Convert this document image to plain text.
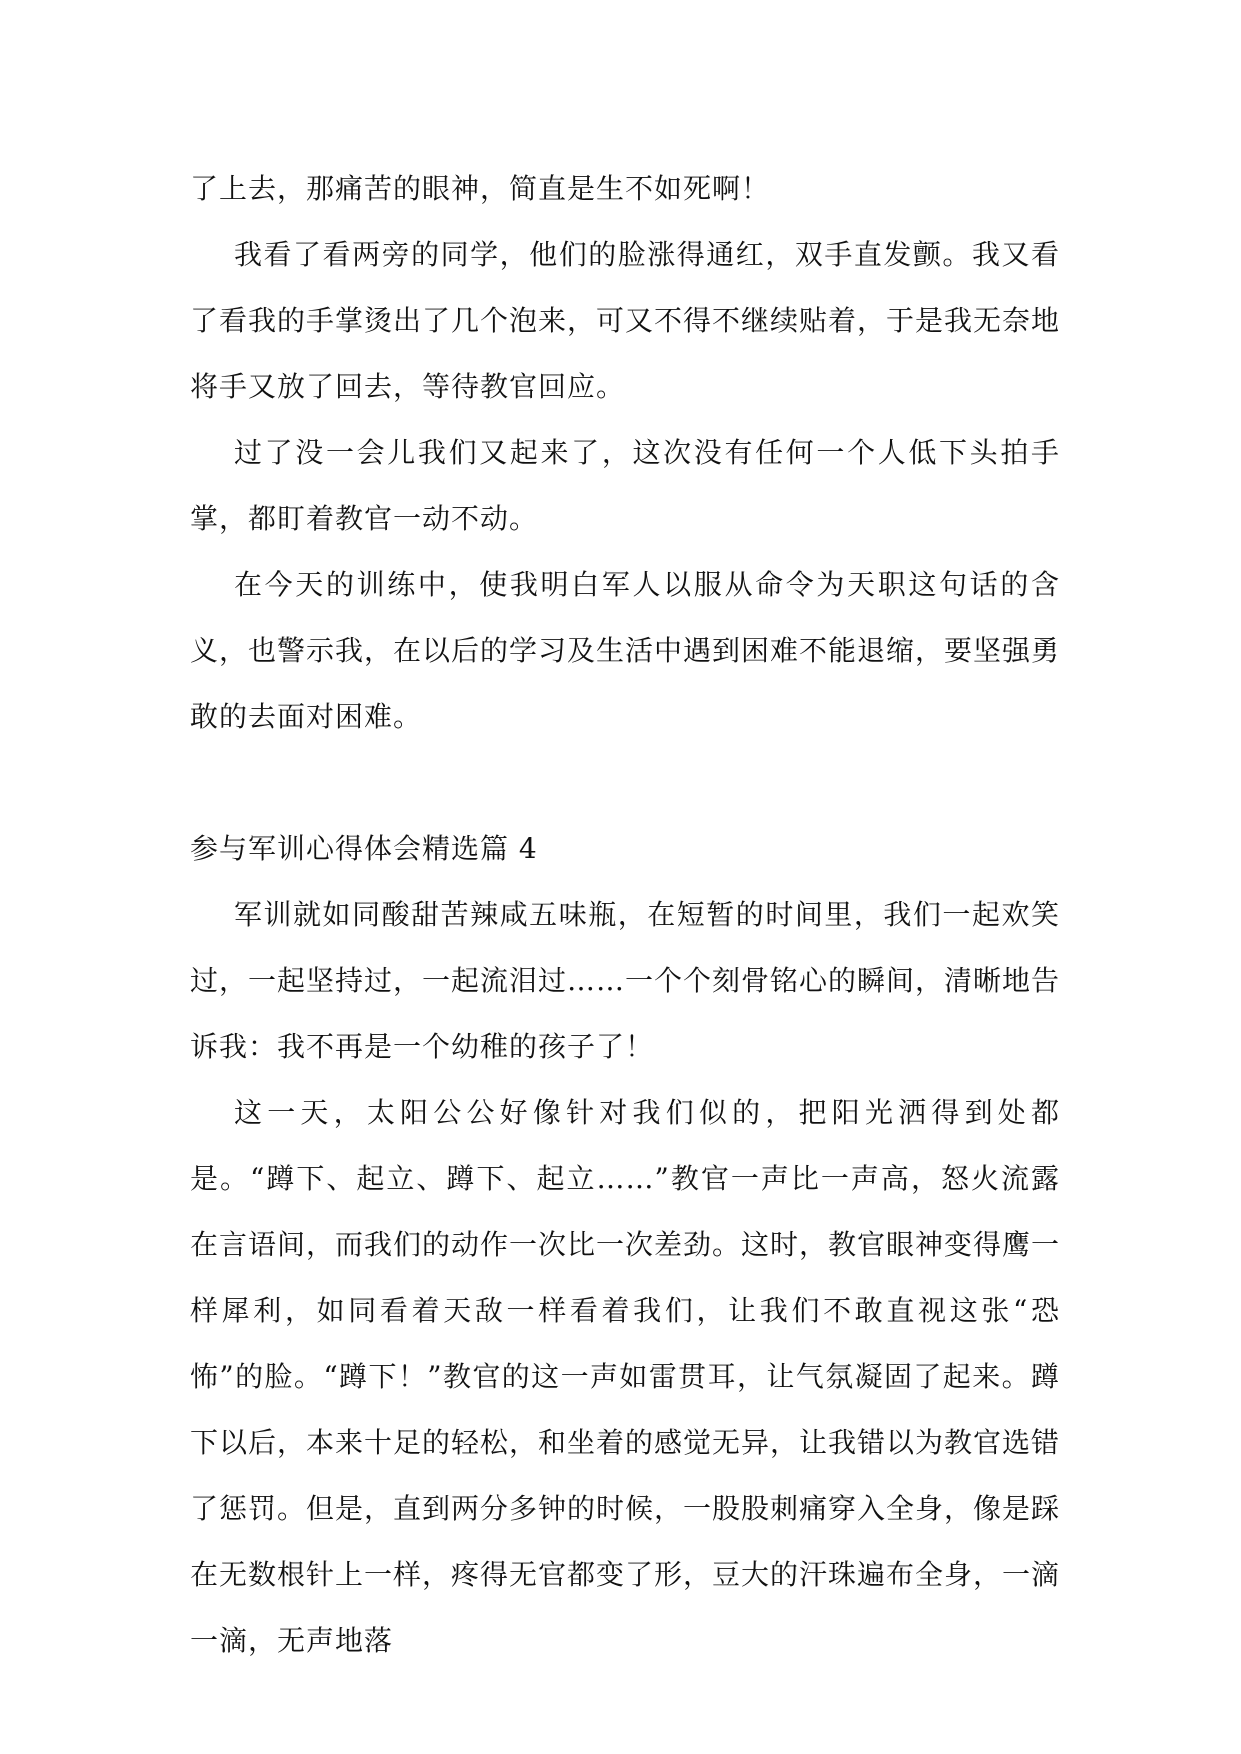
了上去，那痛苦的眼神，简直是生不如死啊！

我看了看两旁的同学，他们的脸涨得通红，双手直发颤。我又看了看我的手掌烫出了几个泡来，可又不得不继续贴着，于是我无奈地将手又放了回去，等待教官回应。

过了没一会儿我们又起来了，这次没有任何一个人低下头拍手掌，都盯着教官一动不动。

在今天的训练中，使我明白军人以服从命令为天职这句话的含义，也警示我，在以后的学习及生活中遇到困难不能退缩，要坚强勇敢的去面对困难。

参与军训心得体会精选篇 4

军训就如同酸甜苦辣咸五味瓶，在短暂的时间里，我们一起欢笑过，一起坚持过，一起流泪过……一个个刻骨铭心的瞬间，清晰地告诉我：我不再是一个幼稚的孩子了！

这一天，太阳公公好像针对我们似的，把阳光洒得到处都是。“蹲下、起立、蹲下、起立……”教官一声比一声高，怒火流露在言语间，而我们的动作一次比一次差劲。这时，教官眼神变得鹰一样犀利，如同看着天敌一样看着我们，让我们不敢直视这张“恐怖”的脸。“蹲下！”教官的这一声如雷贯耳，让气氛凝固了起来。蹲下以后，本来十足的轻松，和坐着的感觉无异，让我错以为教官选错了惩罚。但是，直到两分多钟的时候，一股股刺痛穿入全身，像是踩在无数根针上一样，疼得无官都变了形，豆大的汗珠遍布全身，一滴一滴，无声地落
